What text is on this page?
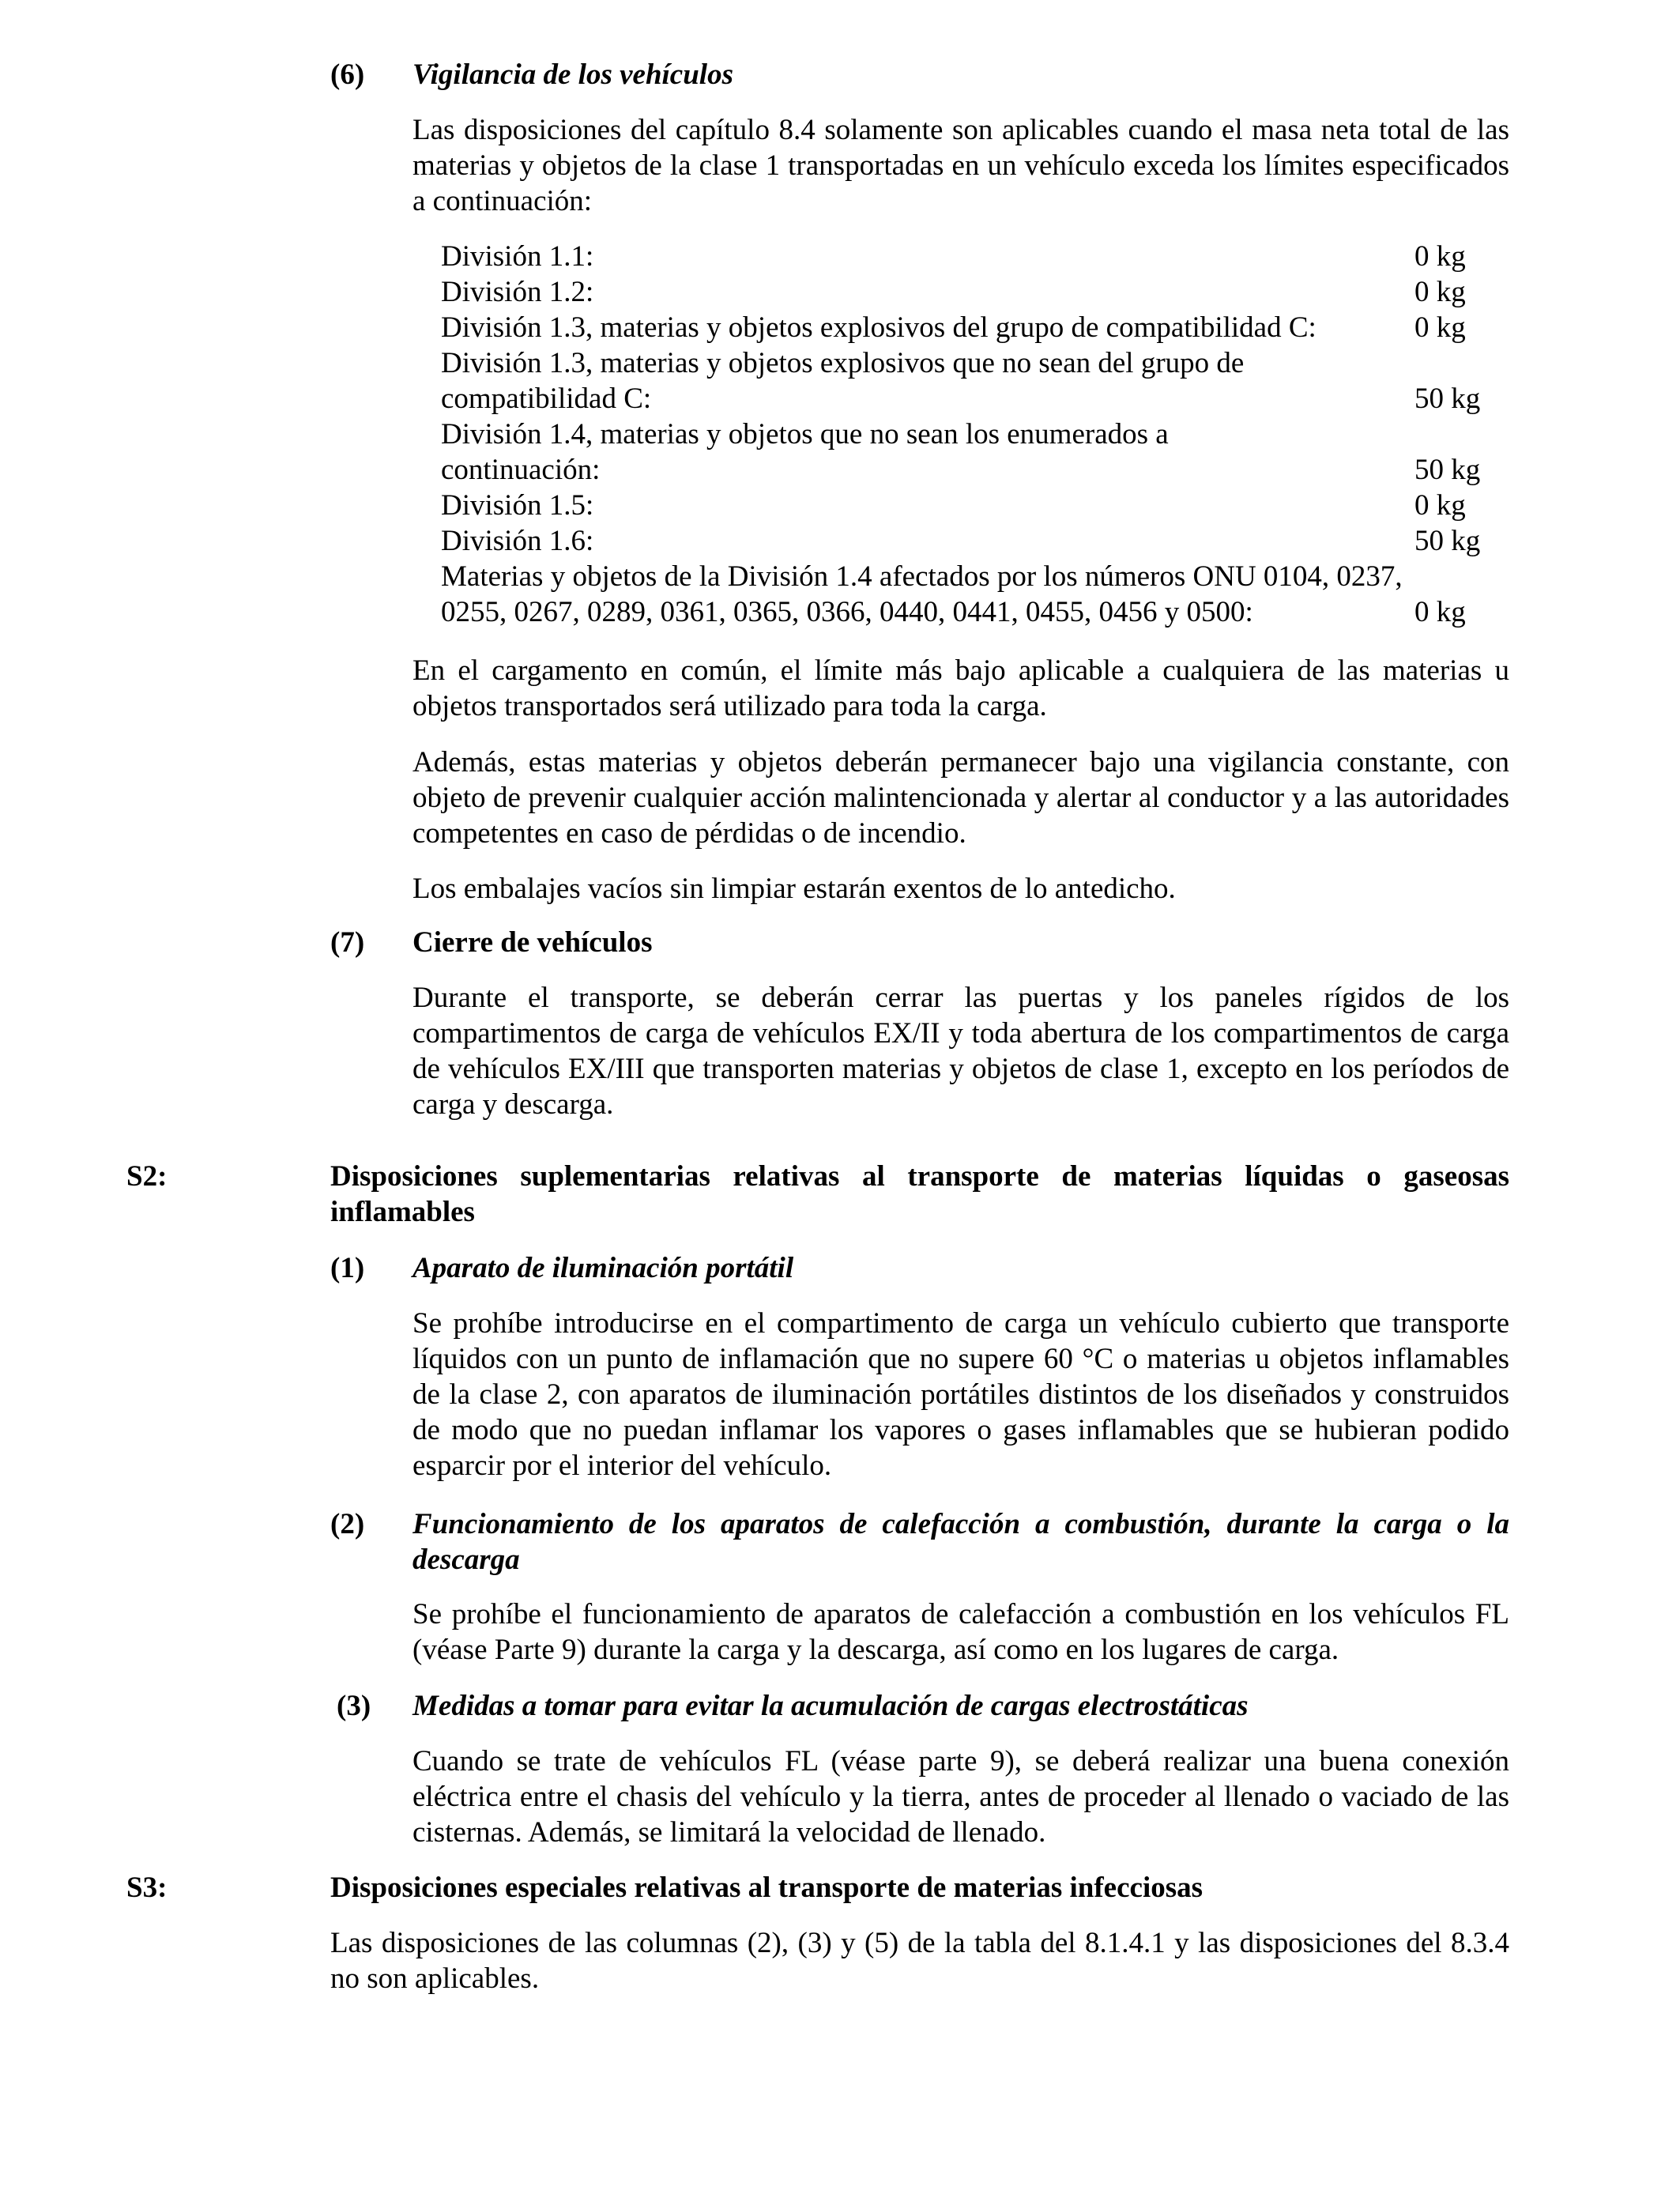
(6) Vigilancia de los vehículos
Las disposiciones del capítulo 8.4 solamente son aplicables cuando el masa neta total de las materias y objetos de la clase 1 transportadas en un vehículo exceda los límites especificados a continuación:
División 1.1:	0 kg
División 1.2:	0 kg
División 1.3, materias y objetos explosivos del grupo de compatibilidad C:	0 kg
División 1.3, materias y objetos explosivos que no sean del grupo de compatibilidad C:	50 kg
División 1.4, materias y objetos que no sean los enumerados a continuación:	50 kg
División 1.5:	0 kg
División 1.6:	50 kg
Materias y objetos de la División 1.4 afectados por los números ONU 0104, 0237, 0255, 0267, 0289, 0361, 0365, 0366, 0440, 0441, 0455, 0456 y 0500:	0 kg
En el cargamento en común, el límite más bajo aplicable a cualquiera de las materias u objetos transportados será utilizado para toda la carga.
Además, estas materias y objetos deberán permanecer bajo una vigilancia constante, con objeto de prevenir cualquier acción malintencionada y alertar al conductor y a las autoridades competentes en caso de pérdidas o de incendio.
Los embalajes vacíos sin limpiar estarán exentos de lo antedicho.
(7) Cierre de vehículos
Durante el transporte, se deberán cerrar las puertas y los paneles rígidos de los compartimentos de carga de vehículos EX/II y toda abertura de los compartimentos de carga de vehículos EX/III que transporten materias y objetos de clase 1, excepto en los períodos de carga y descarga.
S2:	Disposiciones suplementarias relativas al transporte de materias líquidas o gaseosas inflamables
(1) Aparato de iluminación portátil
Se prohíbe introducirse en el compartimento de carga un vehículo cubierto que transporte líquidos con un punto de inflamación que no supere 60 °C o materias u objetos inflamables de la clase 2, con aparatos de iluminación portátiles distintos de los diseñados y construidos de modo que no puedan inflamar los vapores o gases inflamables que se hubieran podido esparcir por el interior del vehículo.
(2) Funcionamiento de los aparatos de calefacción a combustión, durante la carga o la descarga
Se prohíbe el funcionamiento de aparatos de calefacción a combustión en los vehículos FL (véase Parte 9) durante la carga y la descarga, así como en los lugares de carga.
(3) Medidas a tomar para evitar la acumulación de cargas electrostáticas
Cuando se trate de vehículos FL (véase parte 9), se deberá realizar una buena conexión eléctrica entre el chasis del vehículo y la tierra, antes de proceder al llenado o vaciado de las cisternas. Además, se limitará la velocidad de llenado.
S3:	Disposiciones especiales relativas al transporte de materias infecciosas
Las disposiciones de las columnas (2), (3) y (5) de la tabla del 8.1.4.1 y las disposiciones del 8.3.4 no son aplicables.
